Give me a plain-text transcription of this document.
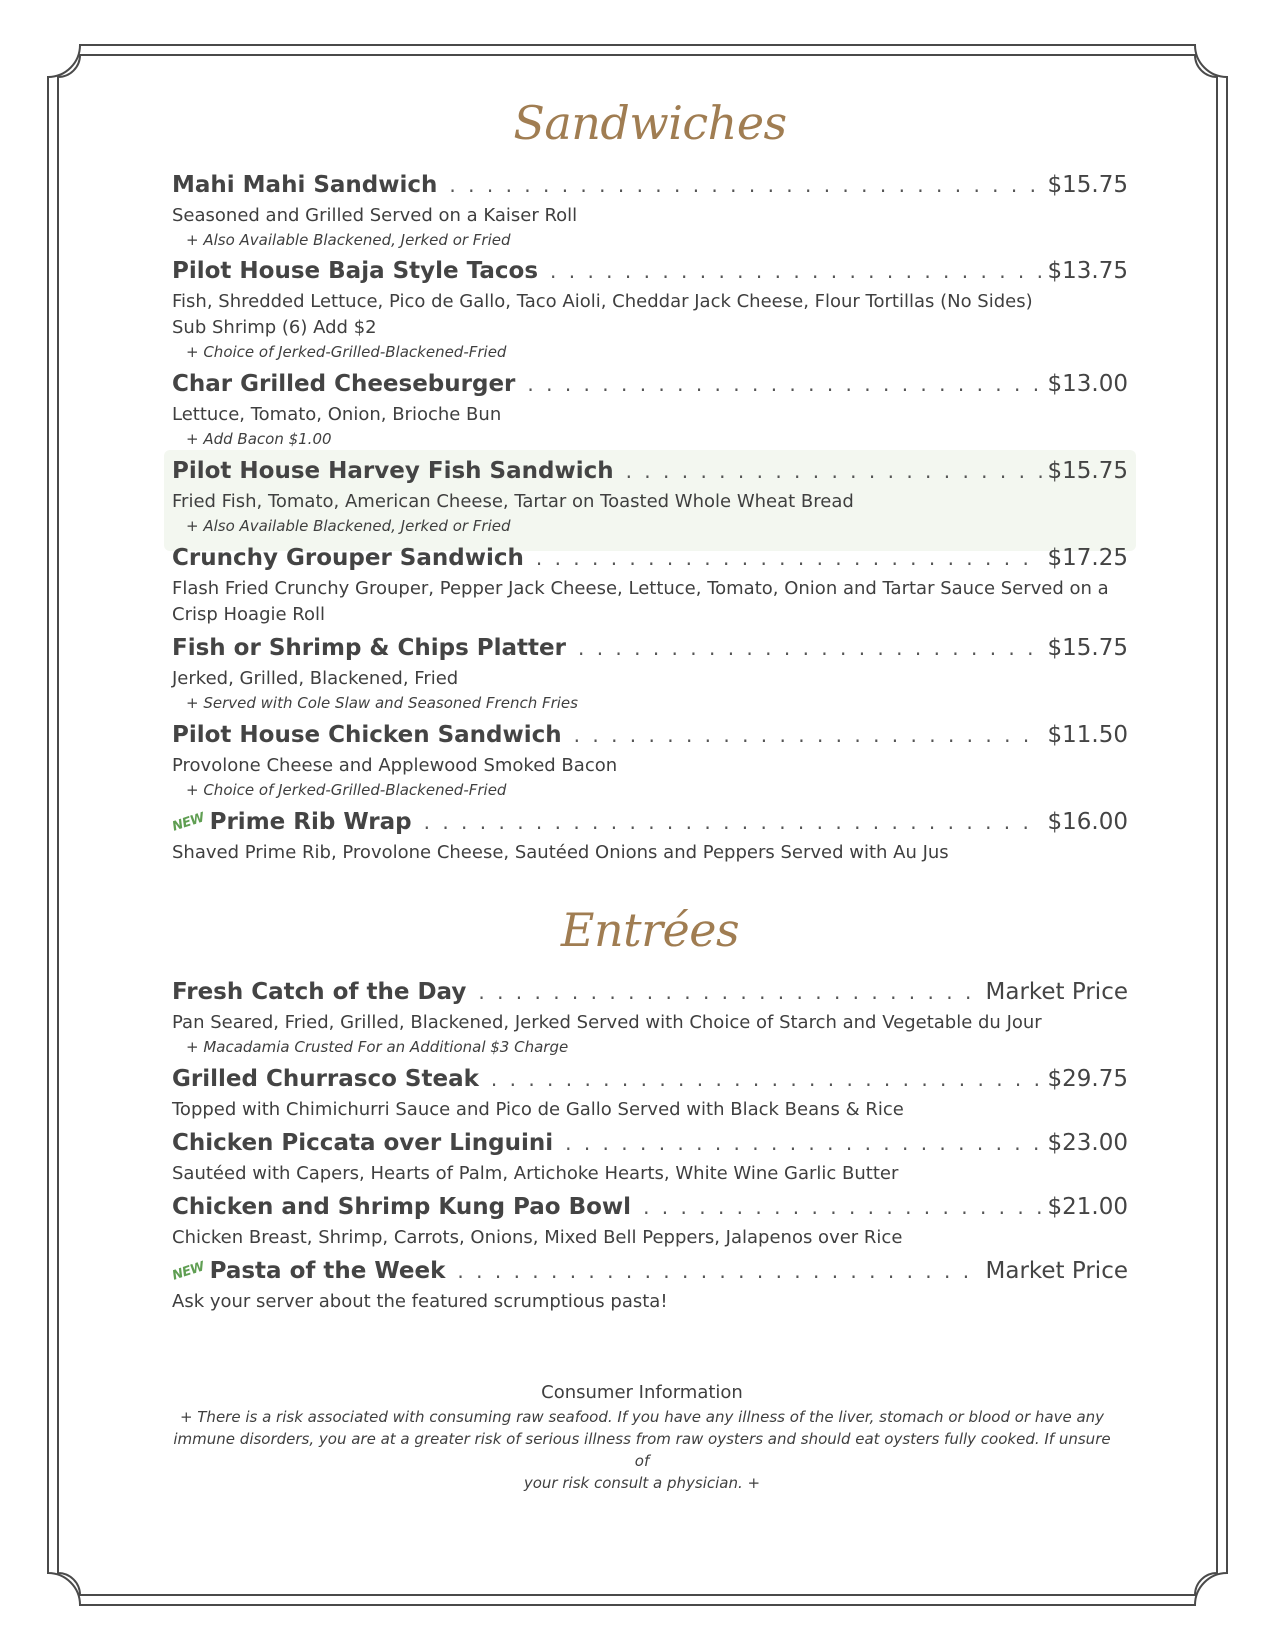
Sandwiches
Mahi Mahi Sandwich . . .	$15.75
Seasoned and Grilled Served on a Kaiser Roll
+ Also Available Blackened, Jerked or Fried
Pilot House Baja Style Tacos . . .	$13.75
Fish, Shredded Lettuce, Pico de Gallo, Taco Aioli, Cheddar Jack Cheese, Flour Tortillas (No Sides)
Sub Shrimp (6) Add $2
+ Choice of Jerked-Grilled-Blackened-Fried
Char Grilled Cheeseburger . . .	$13.00
Lettuce, Tomato, Onion, Brioche Bun
+ Add Bacon $1.00
Pilot House Harvey Fish Sandwich . . .	$15.75
Fried Fish, Tomato, American Cheese, Tartar on Toasted Whole Wheat Bread
+ Also Available Blackened, Jerked or Fried
Crunchy Grouper Sandwich . . .	$17.25
Flash Fried Crunchy Grouper, Pepper Jack Cheese, Lettuce, Tomato, Onion and Tartar Sauce Served on a
Crisp Hoagie Roll
Fish or Shrimp & Chips Platter . . .	$15.75
Jerked, Grilled, Blackened, Fried
+ Served with Cole Slaw and Seasoned French Fries
Pilot House Chicken Sandwich . . .	$11.50
Provolone Cheese and Applewood Smoked Bacon
+ Choice of Jerked-Grilled-Blackened-Fried
NEW Prime Rib Wrap . . .	$16.00
Shaved Prime Rib, Provolone Cheese, Sautéed Onions and Peppers Served with Au Jus
Entrées
Fresh Catch of the Day . . .	Market Price
Pan Seared, Fried, Grilled, Blackened, Jerked Served with Choice of Starch and Vegetable du Jour
+ Macadamia Crusted For an Additional $3 Charge
Grilled Churrasco Steak . . .	$29.75
Topped with Chimichurri Sauce and Pico de Gallo Served with Black Beans & Rice
Chicken Piccata over Linguini . . .	$23.00
Sautéed with Capers, Hearts of Palm, Artichoke Hearts, White Wine Garlic Butter
Chicken and Shrimp Kung Pao Bowl . . .	$21.00
Chicken Breast, Shrimp, Carrots, Onions, Mixed Bell Peppers, Jalapenos over Rice
NEW Pasta of the Week . . .	Market Price
Ask your server about the featured scrumptious pasta!
Consumer Information
+ There is a risk associated with consuming raw seafood. If you have any illness of the liver, stomach or blood or have any
immune disorders, you are at a greater risk of serious illness from raw oysters and should eat oysters fully cooked. If unsure of
your risk consult a physician. +
